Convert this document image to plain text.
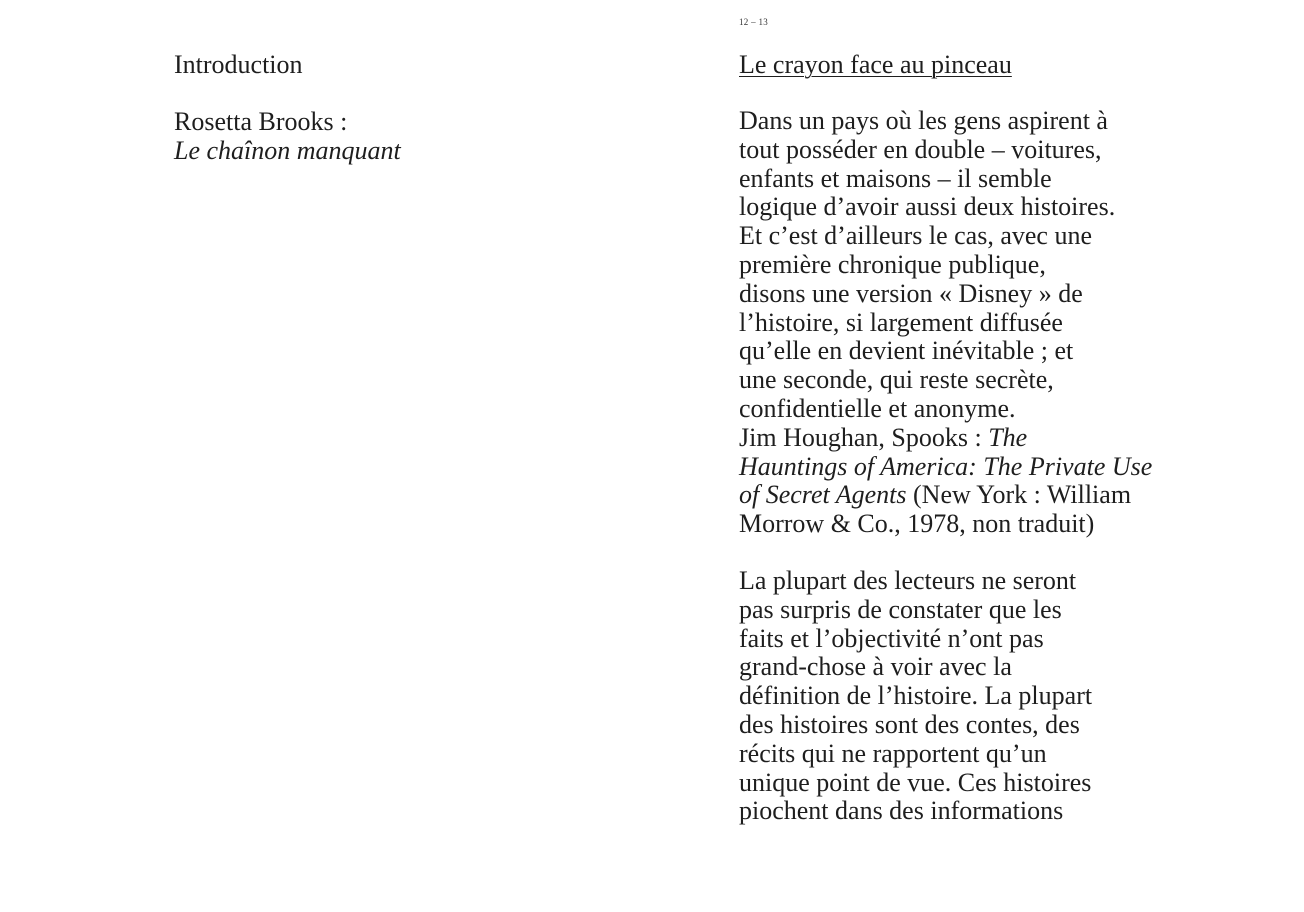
12 – 13

Introduction

Rosetta Brooks :

Le chaînon manquant

Le crayon face au pinceau

Dans un pays où les gens aspirent à
tout posséder en double – voitures,
enfants et maisons – il semble
logique d’avoir aussi deux histoires.
Et c’est d’ailleurs le cas, avec une
première chronique publique,
disons une version « Disney » de
l’histoire, si largement diffusée
qu’elle en devient inévitable ; et
une seconde, qui reste secrète,
confidentielle et anonyme.

Jim Houghan, Spooks : The
Hauntings of America: The Private Use
of Secret Agents (New York : William
Morrow & Co., 1978, non traduit)

La plupart des lecteurs ne seront
pas surpris de constater que les
faits et l’objectivité n’ont pas
grand-chose à voir avec la
définition de l’histoire. La plupart
des histoires sont des contes, des
récits qui ne rapportent qu’un
unique point de vue. Ces histoires
piochent dans des informations
